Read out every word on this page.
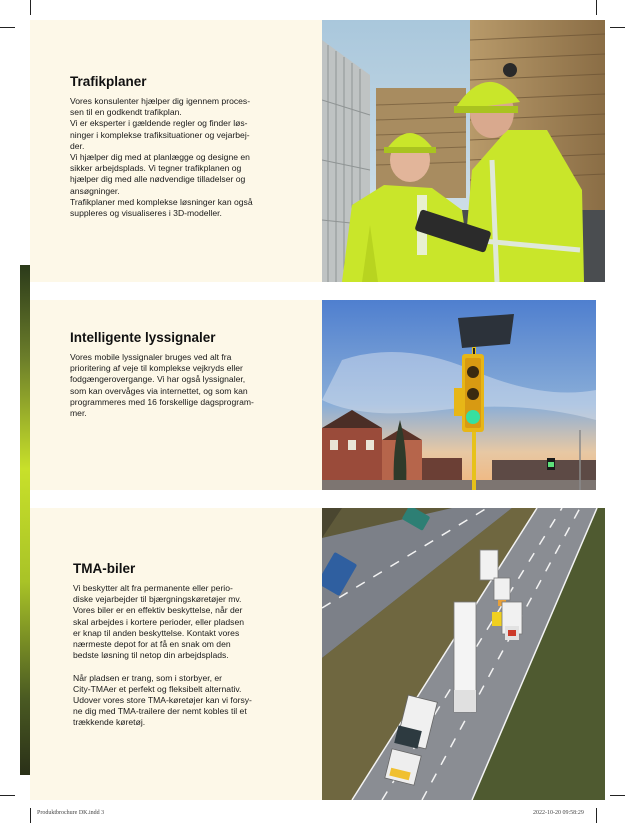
Trafikplaner

Vores konsulenter hjælper dig igennem proces-
sen til en godkendt trafikplan.
Vi er eksperter i gældende regler og finder løs-
ninger i komplekse trafiksituationer og vejarbej-
der.
Vi hjælper dig med at planlægge og designe en
sikker arbejdsplads. Vi tegner trafikplanen og
hjælper dig med alle nødvendige tilladelser og
ansøgninger.
Trafikplaner med komplekse løsninger kan også
suppleres og visualiseres i 3D-modeller.

Intelligente lyssignaler

Vores mobile lyssignaler bruges ved alt fra
prioritering af veje til komplekse vejkryds eller
fodgængerovergange. Vi har også lyssignaler,
som kan overvåges via internettet, og som kan
programmeres med 16 forskellige dagsprogram-
mer.

TMA-biler

Vi beskytter alt fra permanente eller perio-
diske vejarbejder til bjærgningskøretøjer mv.
Vores biler er en effektiv beskyttelse, når der
skal arbejdes i kortere perioder, eller pladsen
er knap til anden beskyttelse. Kontakt vores
nærmeste depot for at få en snak om den
bedste løsning til netop din arbejdsplads.

Når pladsen er trang, som i storbyer, er
City-TMAer et perfekt og fleksibelt alternativ.
Udover vores store TMA-køretøjer kan vi forsy-
ne dig med TMA-trailere der nemt kobles til et
trækkende køretøj.

Produktbrochure DK.indd 3	2022-10-20 09:58:29
